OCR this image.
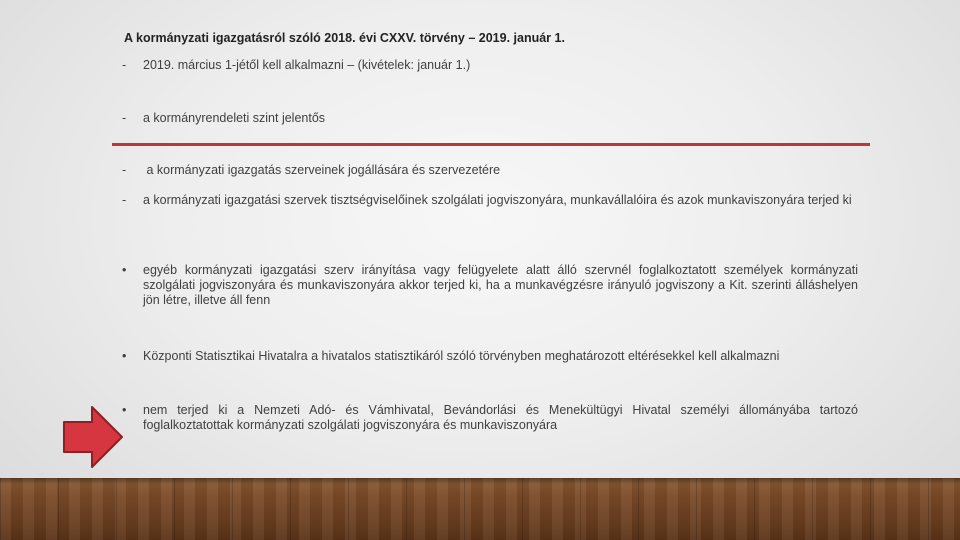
A kormányzati igazgatásról szóló 2018. évi CXXV. törvény – 2019. január 1.
-	2019. március 1-jétől kell alkalmazni – (kivételek: január 1.)
-	a kormányrendeleti szint jelentős
-	a kormányzati igazgatás szerveinek jogállására és szervezetére
-	a kormányzati igazgatási szervek tisztségviselőinek szolgálati jogviszonyára, munkavállalóira és azok munkaviszonyára terjed ki
•	egyéb kormányzati igazgatási szerv irányítása vagy felügyelete alatt álló szervnél foglalkoztatott személyek kormányzati szolgálati jogviszonyára és munkaviszonyára akkor terjed ki, ha a munkavégzésre irányuló jogviszony a Kit. szerinti álláshelyen jön létre, illetve áll fenn
•	Központi Statisztikai Hivatalra a hivatalos statisztikáról szóló törvényben meghatározott eltérésekkel kell alkalmazni
•	nem terjed ki a Nemzeti Adó- és Vámhivatal, Bevándorlási és Menekültügyi Hivatal személyi állományába tartozó foglalkoztatottak kormányzati szolgálati jogviszonyára és munkaviszonyára
